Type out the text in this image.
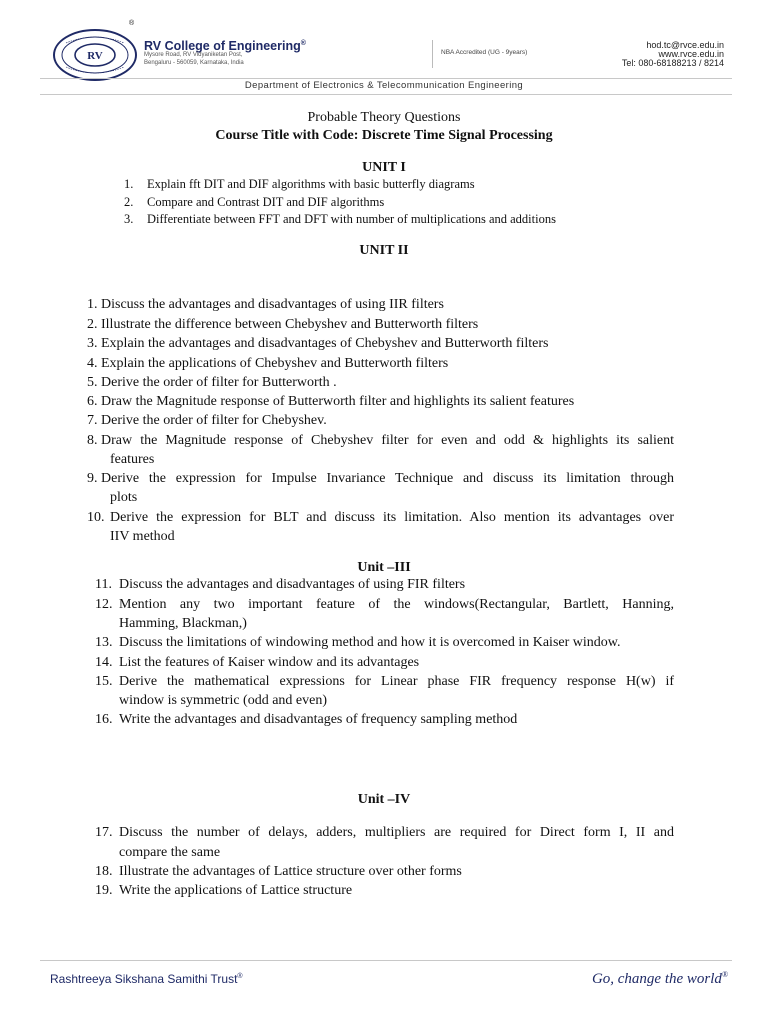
RV
®
RV College of Engineering®
Mysore Road, RV Vidyaniketan Post,
Bengaluru - 560059, Karnataka, India
NBA Accredited (UG - 9years)
hod.tc@rvce.edu.in
www.rvce.edu.in
Tel: 080-68188213 / 8214
Department of Electronics & Telecommunication Engineering
Probable Theory Questions
Course Title with Code: Discrete Time Signal Processing
UNIT I
1. Explain fft DIT and DIF algorithms with basic butterfly diagrams
2. Compare and Contrast DIT and DIF algorithms
3. Differentiate between FFT and DFT with number of multiplications and additions
UNIT II
1. Discuss the advantages and disadvantages of using IIR filters
2. Illustrate the difference between Chebyshev and Butterworth filters
3. Explain the advantages and disadvantages of Chebyshev and Butterworth filters
4. Explain the applications of Chebyshev and Butterworth filters
5. Derive the order of filter for Butterworth .
6. Draw the Magnitude response of Butterworth filter and highlights its salient features
7. Derive the order of filter for Chebyshev.
8. Draw the Magnitude response of Chebyshev filter for even and odd & highlights its salient
features
9. Derive the expression for Impulse Invariance Technique and discuss its limitation through
plots
10. Derive the expression for BLT and discuss its limitation. Also mention its advantages over
IIV method
Unit –III
11. Discuss the advantages and disadvantages of using FIR filters
12. Mention any two important feature of the windows(Rectangular, Bartlett, Hanning,
Hamming, Blackman,)
13. Discuss the limitations of windowing method and how it is overcomed in Kaiser window.
14. List the features of Kaiser window and its advantages
15. Derive the mathematical expressions for Linear phase FIR frequency response H(w) if
window is symmetric (odd and even)
16. Write the advantages and disadvantages of frequency sampling method
Unit –IV
17. Discuss the number of delays, adders, multipliers are required for Direct form I, II and
compare the same
18. Illustrate the advantages of Lattice structure over other forms
19. Write the applications of Lattice structure
Rashtreeya Sikshana Samithi Trust®	Go, change the world®
